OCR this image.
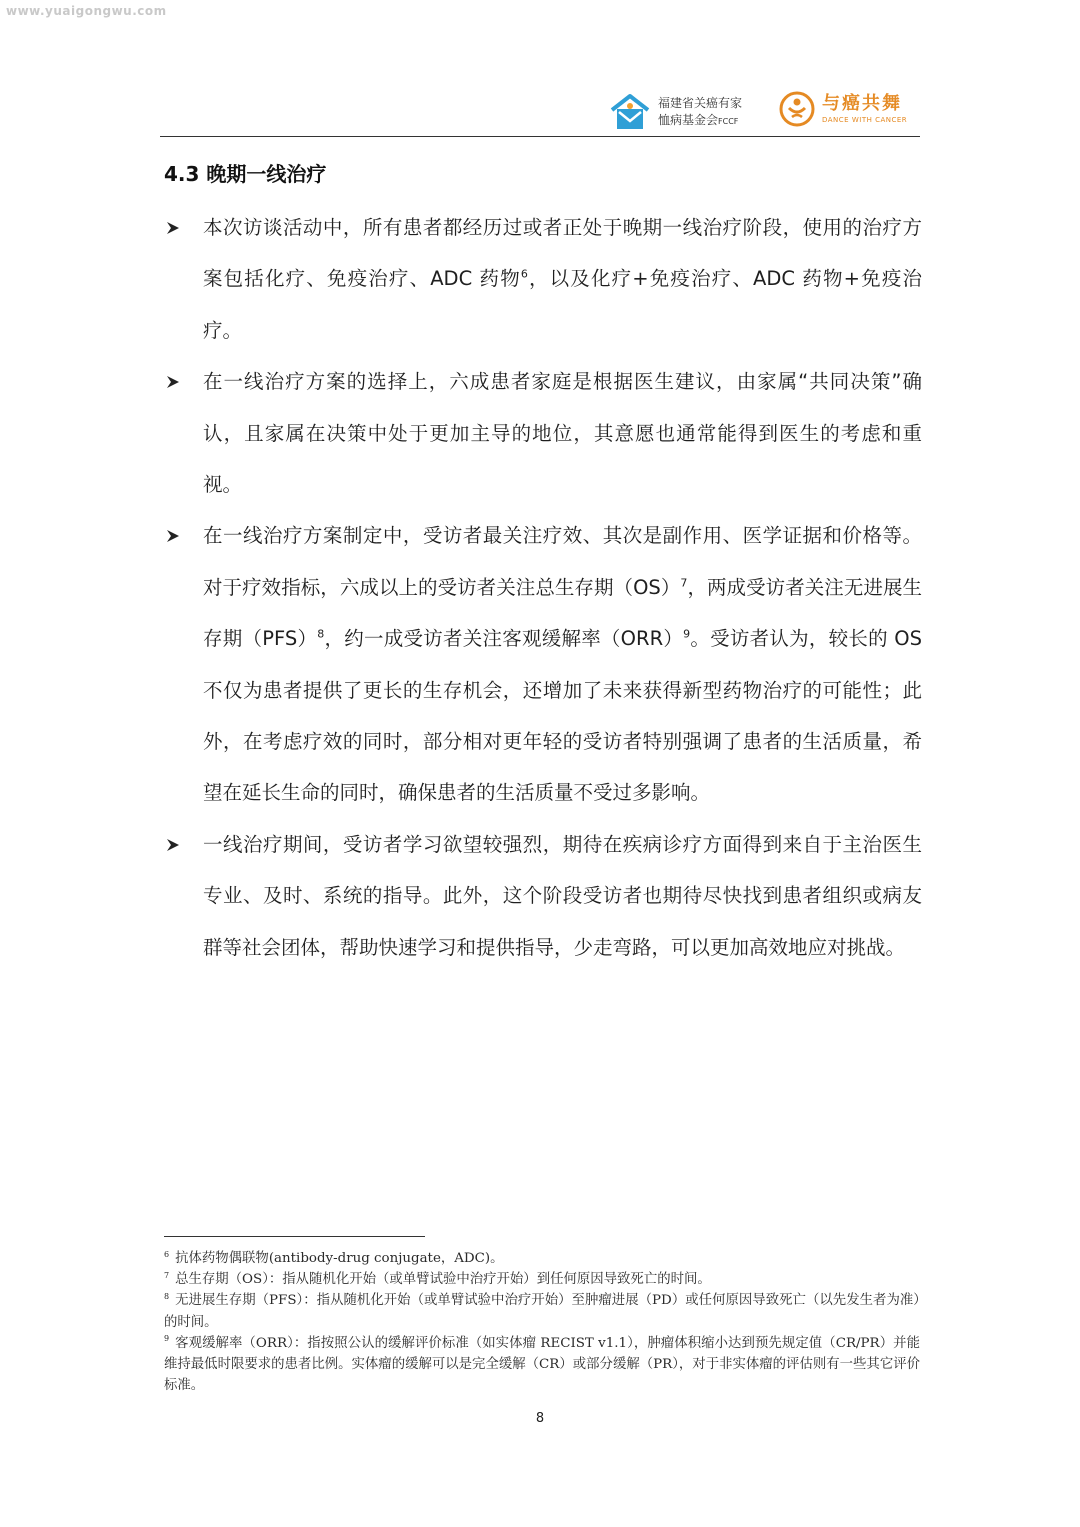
www.yuaigongwu.com
福建省关癌有家
恤病基金会FCCF
与癌共舞
DANCE WITH CANCER
4.3 晚期一线治疗
本次访谈活动中，所有患者都经历过或者正处于晚期一线治疗阶段，使用的治疗方案包括化疗、免疫治疗、ADC 药物$^6$，以及化疗+免疫治疗、ADC 药物+免疫治疗。
在一线治疗方案的选择上，六成患者家庭是根据医生建议，由家属“共同决策”确认，且家属在决策中处于更加主导的地位，其意愿也通常能得到医生的考虑和重视。
在一线治疗方案制定中，受访者最关注疗效、其次是副作用、医学证据和价格等。对于疗效指标，六成以上的受访者关注总生存期（OS）$^7$，两成受访者关注无进展生存期（PFS）$^8$，约一成受访者关注客观缓解率（ORR）$^9$。受访者认为，较长的 OS 不仅为患者提供了更长的生存机会，还增加了未来获得新型药物治疗的可能性；此外，在考虑疗效的同时，部分相对更年轻的受访者特别强调了患者的生活质量，希望在延长生命的同时，确保患者的生活质量不受过多影响。
一线治疗期间，受访者学习欲望较强烈，期待在疾病诊疗方面得到来自于主治医生专业、及时、系统的指导。此外，这个阶段受访者也期待尽快找到患者组织或病友群等社会团体，帮助快速学习和提供指导，少走弯路，可以更加高效地应对挑战。
$^6$ 抗体药物偶联物(antibody-drug conjugate，ADC)。
$^7$ 总生存期（OS）：指从随机化开始（或单臂试验中治疗开始）到任何原因导致死亡的时间。
$^8$ 无进展生存期（PFS）：指从随机化开始（或单臂试验中治疗开始）至肿瘤进展（PD）或任何原因导致死亡（以先发生者为准）的时间。
$^9$ 客观缓解率（ORR）：指按照公认的缓解评价标准（如实体瘤 RECIST v1.1），肿瘤体积缩小达到预先规定值（CR/PR）并能维持最低时限要求的患者比例。实体瘤的缓解可以是完全缓解（CR）或部分缓解（PR），对于非实体瘤的评估则有一些其它评价标准。
8
